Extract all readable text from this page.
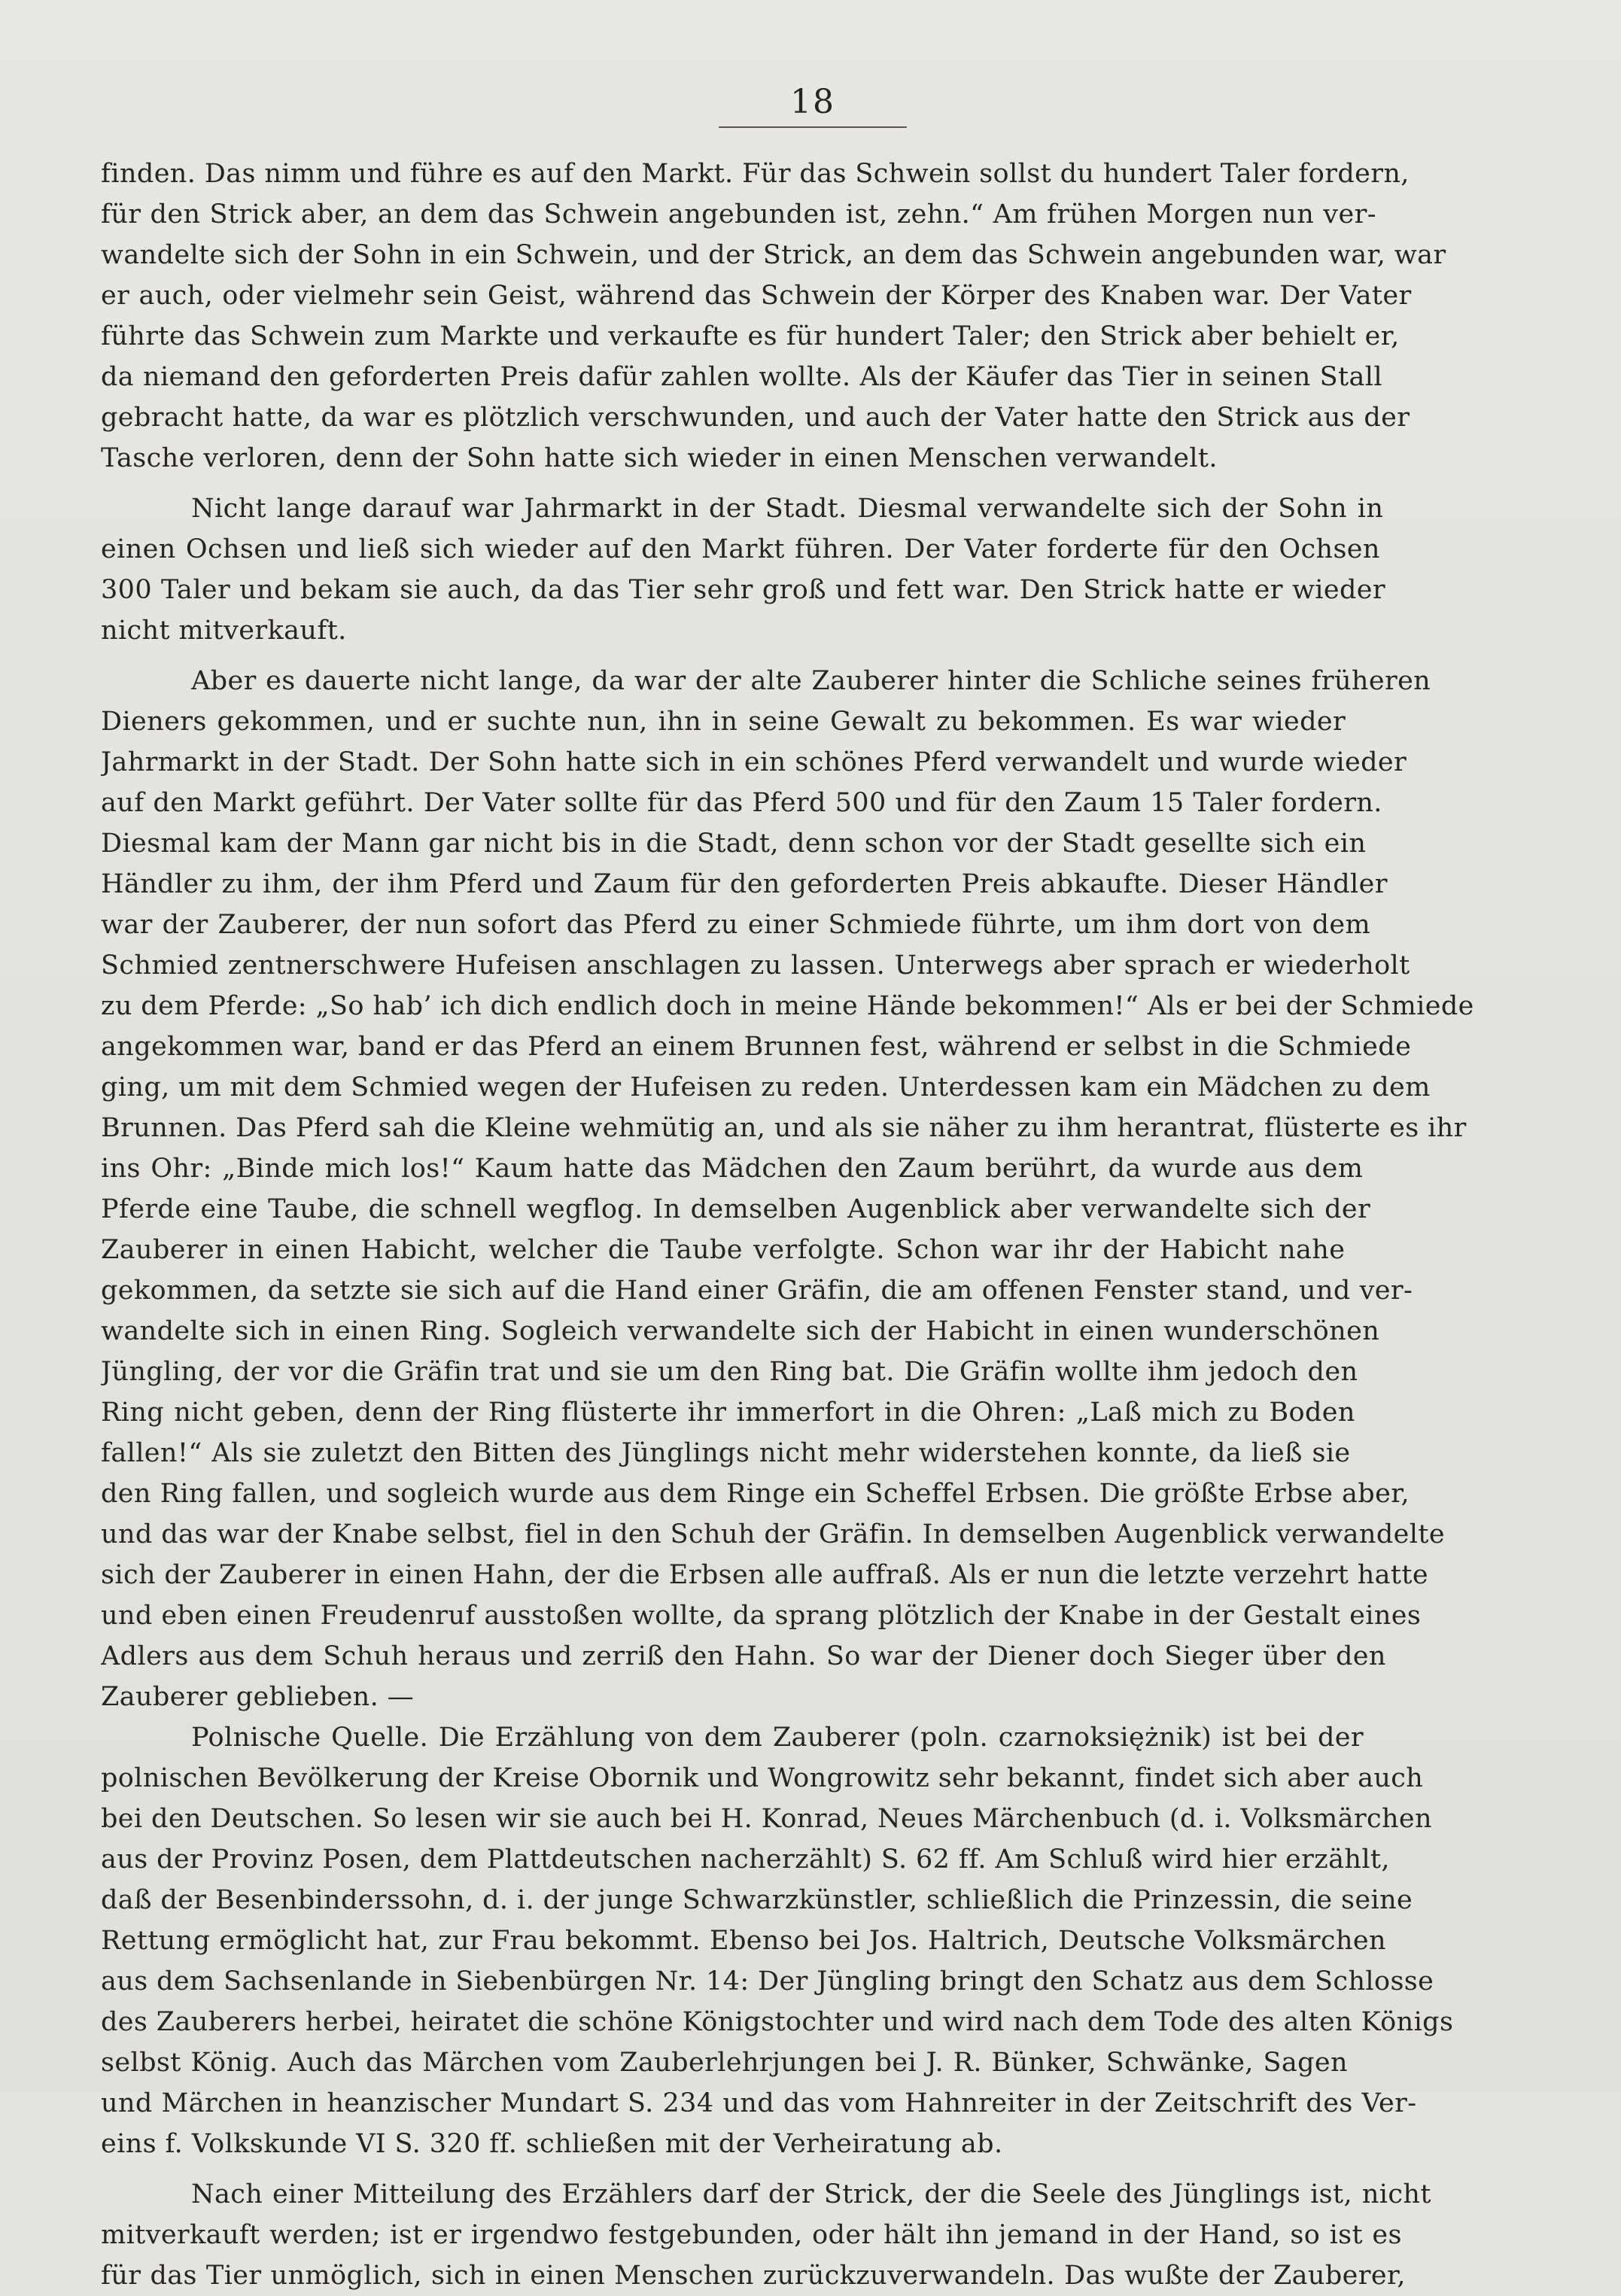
18
finden. Das nimm und führe es auf den Markt. Für das Schwein sollst du hundert Taler fordern,
für den Strick aber, an dem das Schwein angebunden ist, zehn.“ Am frühen Morgen nun ver-
wandelte sich der Sohn in ein Schwein, und der Strick, an dem das Schwein angebunden war, war
er auch, oder vielmehr sein Geist, während das Schwein der Körper des Knaben war. Der Vater
führte das Schwein zum Markte und verkaufte es für hundert Taler; den Strick aber behielt er,
da niemand den geforderten Preis dafür zahlen wollte. Als der Käufer das Tier in seinen Stall
gebracht hatte, da war es plötzlich verschwunden, und auch der Vater hatte den Strick aus der
Tasche verloren, denn der Sohn hatte sich wieder in einen Menschen verwandelt.
Nicht lange darauf war Jahrmarkt in der Stadt. Diesmal verwandelte sich der Sohn in
einen Ochsen und ließ sich wieder auf den Markt führen. Der Vater forderte für den Ochsen
300 Taler und bekam sie auch, da das Tier sehr groß und fett war. Den Strick hatte er wieder
nicht mitverkauft.
Aber es dauerte nicht lange, da war der alte Zauberer hinter die Schliche seines früheren
Dieners gekommen, und er suchte nun, ihn in seine Gewalt zu bekommen. Es war wieder
Jahrmarkt in der Stadt. Der Sohn hatte sich in ein schönes Pferd verwandelt und wurde wieder
auf den Markt geführt. Der Vater sollte für das Pferd 500 und für den Zaum 15 Taler fordern.
Diesmal kam der Mann gar nicht bis in die Stadt, denn schon vor der Stadt gesellte sich ein
Händler zu ihm, der ihm Pferd und Zaum für den geforderten Preis abkaufte. Dieser Händler
war der Zauberer, der nun sofort das Pferd zu einer Schmiede führte, um ihm dort von dem
Schmied zentnerschwere Hufeisen anschlagen zu lassen. Unterwegs aber sprach er wiederholt
zu dem Pferde: „So hab’ ich dich endlich doch in meine Hände bekommen!“ Als er bei der Schmiede
angekommen war, band er das Pferd an einem Brunnen fest, während er selbst in die Schmiede
ging, um mit dem Schmied wegen der Hufeisen zu reden. Unterdessen kam ein Mädchen zu dem
Brunnen. Das Pferd sah die Kleine wehmütig an, und als sie näher zu ihm herantrat, flüsterte es ihr
ins Ohr: „Binde mich los!“ Kaum hatte das Mädchen den Zaum berührt, da wurde aus dem
Pferde eine Taube, die schnell wegflog. In demselben Augenblick aber verwandelte sich der
Zauberer in einen Habicht, welcher die Taube verfolgte. Schon war ihr der Habicht nahe
gekommen, da setzte sie sich auf die Hand einer Gräfin, die am offenen Fenster stand, und ver-
wandelte sich in einen Ring. Sogleich verwandelte sich der Habicht in einen wunderschönen
Jüngling, der vor die Gräfin trat und sie um den Ring bat. Die Gräfin wollte ihm jedoch den
Ring nicht geben, denn der Ring flüsterte ihr immerfort in die Ohren: „Laß mich zu Boden
fallen!“ Als sie zuletzt den Bitten des Jünglings nicht mehr widerstehen konnte, da ließ sie
den Ring fallen, und sogleich wurde aus dem Ringe ein Scheffel Erbsen. Die größte Erbse aber,
und das war der Knabe selbst, fiel in den Schuh der Gräfin. In demselben Augenblick verwandelte
sich der Zauberer in einen Hahn, der die Erbsen alle auffraß. Als er nun die letzte verzehrt hatte
und eben einen Freudenruf ausstoßen wollte, da sprang plötzlich der Knabe in der Gestalt eines
Adlers aus dem Schuh heraus und zerriß den Hahn. So war der Diener doch Sieger über den
Zauberer geblieben. —
Polnische Quelle. Die Erzählung von dem Zauberer (poln. czarnoksiężnik) ist bei der
polnischen Bevölkerung der Kreise Obornik und Wongrowitz sehr bekannt, findet sich aber auch
bei den Deutschen. So lesen wir sie auch bei H. Konrad, Neues Märchenbuch (d. i. Volksmärchen
aus der Provinz Posen, dem Plattdeutschen nacherzählt) S. 62 ff. Am Schluß wird hier erzählt,
daß der Besenbinderssohn, d. i. der junge Schwarzkünstler, schließlich die Prinzessin, die seine
Rettung ermöglicht hat, zur Frau bekommt. Ebenso bei Jos. Haltrich, Deutsche Volksmärchen
aus dem Sachsenlande in Siebenbürgen Nr. 14: Der Jüngling bringt den Schatz aus dem Schlosse
des Zauberers herbei, heiratet die schöne Königstochter und wird nach dem Tode des alten Königs
selbst König. Auch das Märchen vom Zauberlehrjungen bei J. R. Bünker, Schwänke, Sagen
und Märchen in heanzischer Mundart S. 234 und das vom Hahnreiter in der Zeitschrift des Ver-
eins f. Volkskunde VI S. 320 ff. schließen mit der Verheiratung ab.
Nach einer Mitteilung des Erzählers darf der Strick, der die Seele des Jünglings ist, nicht
mitverkauft werden; ist er irgendwo festgebunden, oder hält ihn jemand in der Hand, so ist es
für das Tier unmöglich, sich in einen Menschen zurückzuverwandeln. Das wußte der Zauberer,
